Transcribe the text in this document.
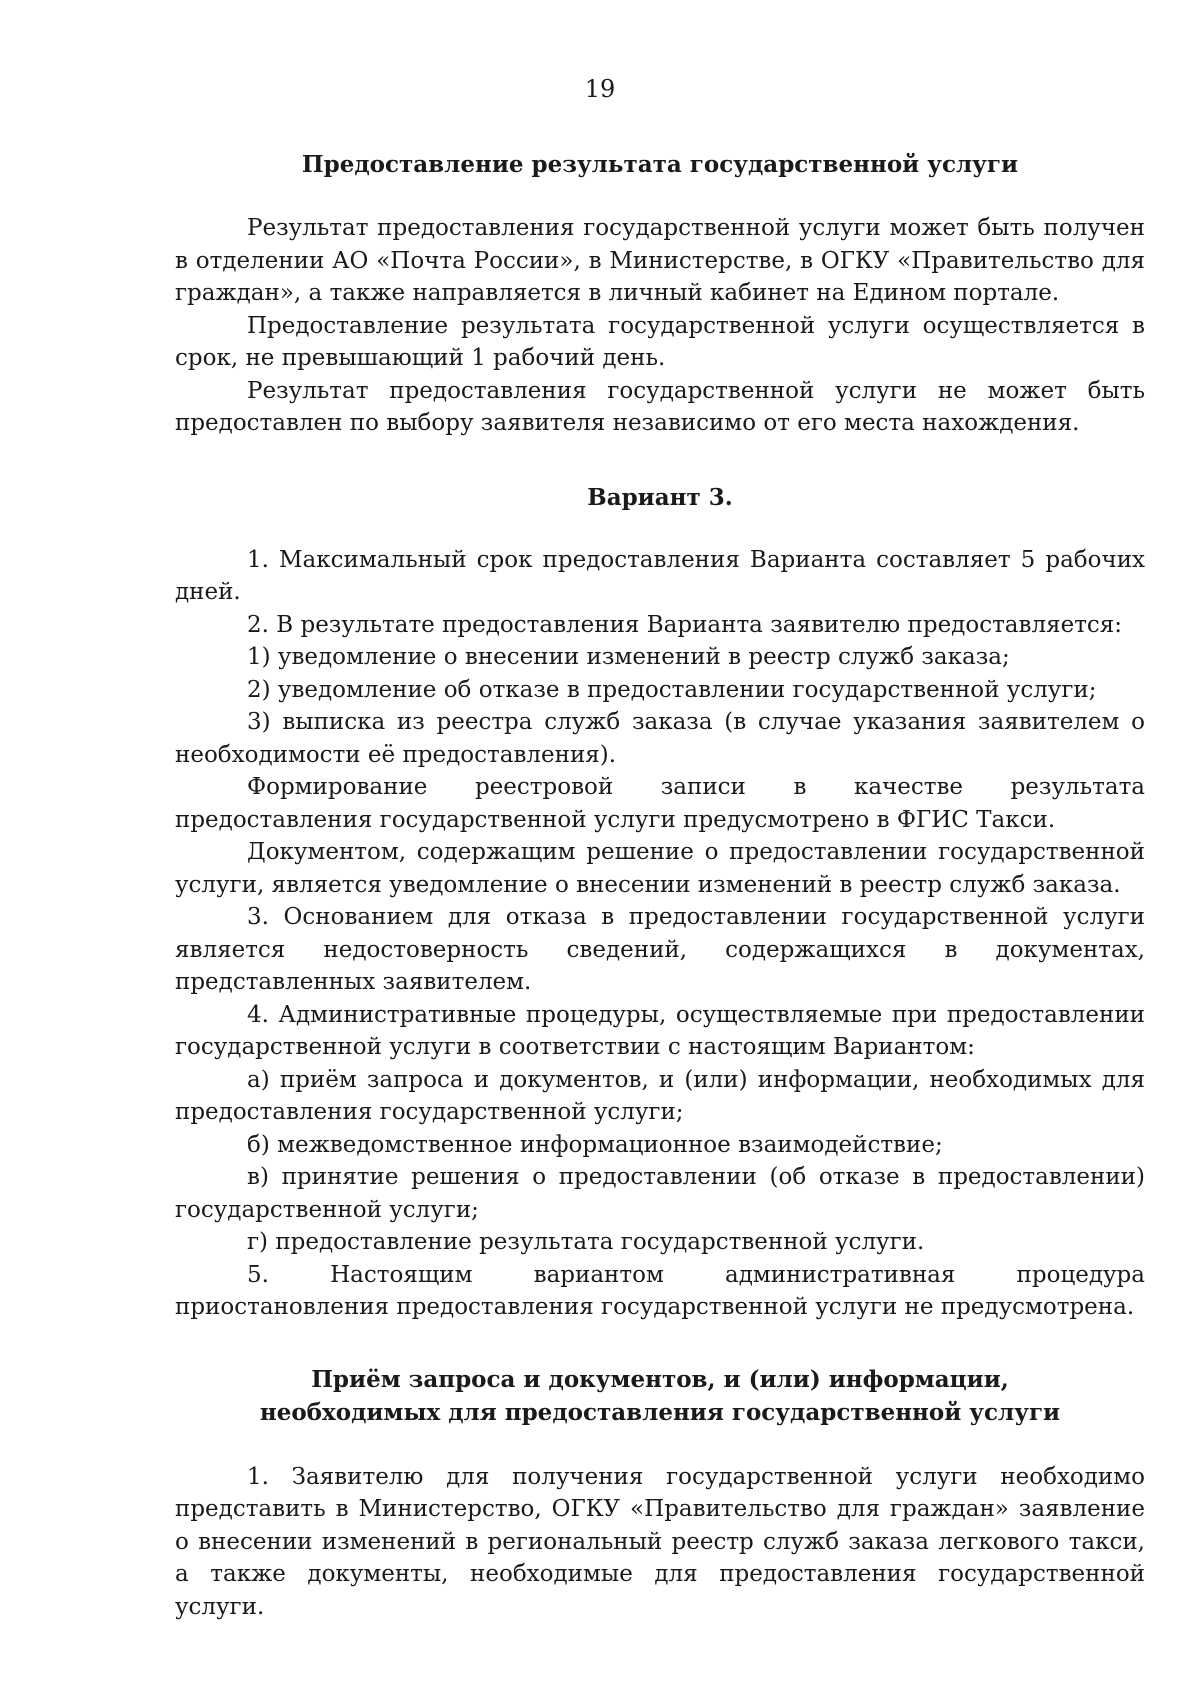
19
Предоставление результата государственной услуги

Результат предоставления государственной услуги может быть получен в отделении АО «Почта России», в Министерстве, в ОГКУ «Правительство для граждан», а также направляется в личный кабинет на Едином портале.

Предоставление результата государственной услуги осуществляется в срок, не превышающий 1 рабочий день.

Результат предоставления государственной услуги не может быть предоставлен по выбору заявителя независимо от его места нахождения.

Вариант 3.

1. Максимальный срок предоставления Варианта составляет 5 рабочих дней.

2. В результате предоставления Варианта заявителю предоставляется:

1) уведомление о внесении изменений в реестр служб заказа;

2) уведомление об отказе в предоставлении государственной услуги;

3) выписка из реестра служб заказа (в случае указания заявителем о необходимости её предоставления).

Формирование реестровой записи в качестве результата предоставления государственной услуги предусмотрено в ФГИС Такси.

Документом, содержащим решение о предоставлении государственной услуги, является уведомление о внесении изменений в реестр служб заказа.

3. Основанием для отказа в предоставлении государственной услуги является недостоверность сведений, содержащихся в документах, представленных заявителем.

4. Административные процедуры, осуществляемые при предоставлении государственной услуги в соответствии с настоящим Вариантом:

а) приём запроса и документов, и (или) информации, необходимых для предоставления государственной услуги;

б) межведомственное информационное взаимодействие;

в) принятие решения о предоставлении (об отказе в предоставлении) государственной услуги;

г) предоставление результата государственной услуги.

5. Настоящим вариантом административная процедура приостановления предоставления государственной услуги не предусмотрена.

Приём запроса и документов, и (или) информации,
необходимых для предоставления государственной услуги

1. Заявителю для получения государственной услуги необходимо представить в Министерство, ОГКУ «Правительство для граждан» заявление о внесении изменений в региональный реестр служб заказа легкового такси, а также документы, необходимые для предоставления государственной услуги.
